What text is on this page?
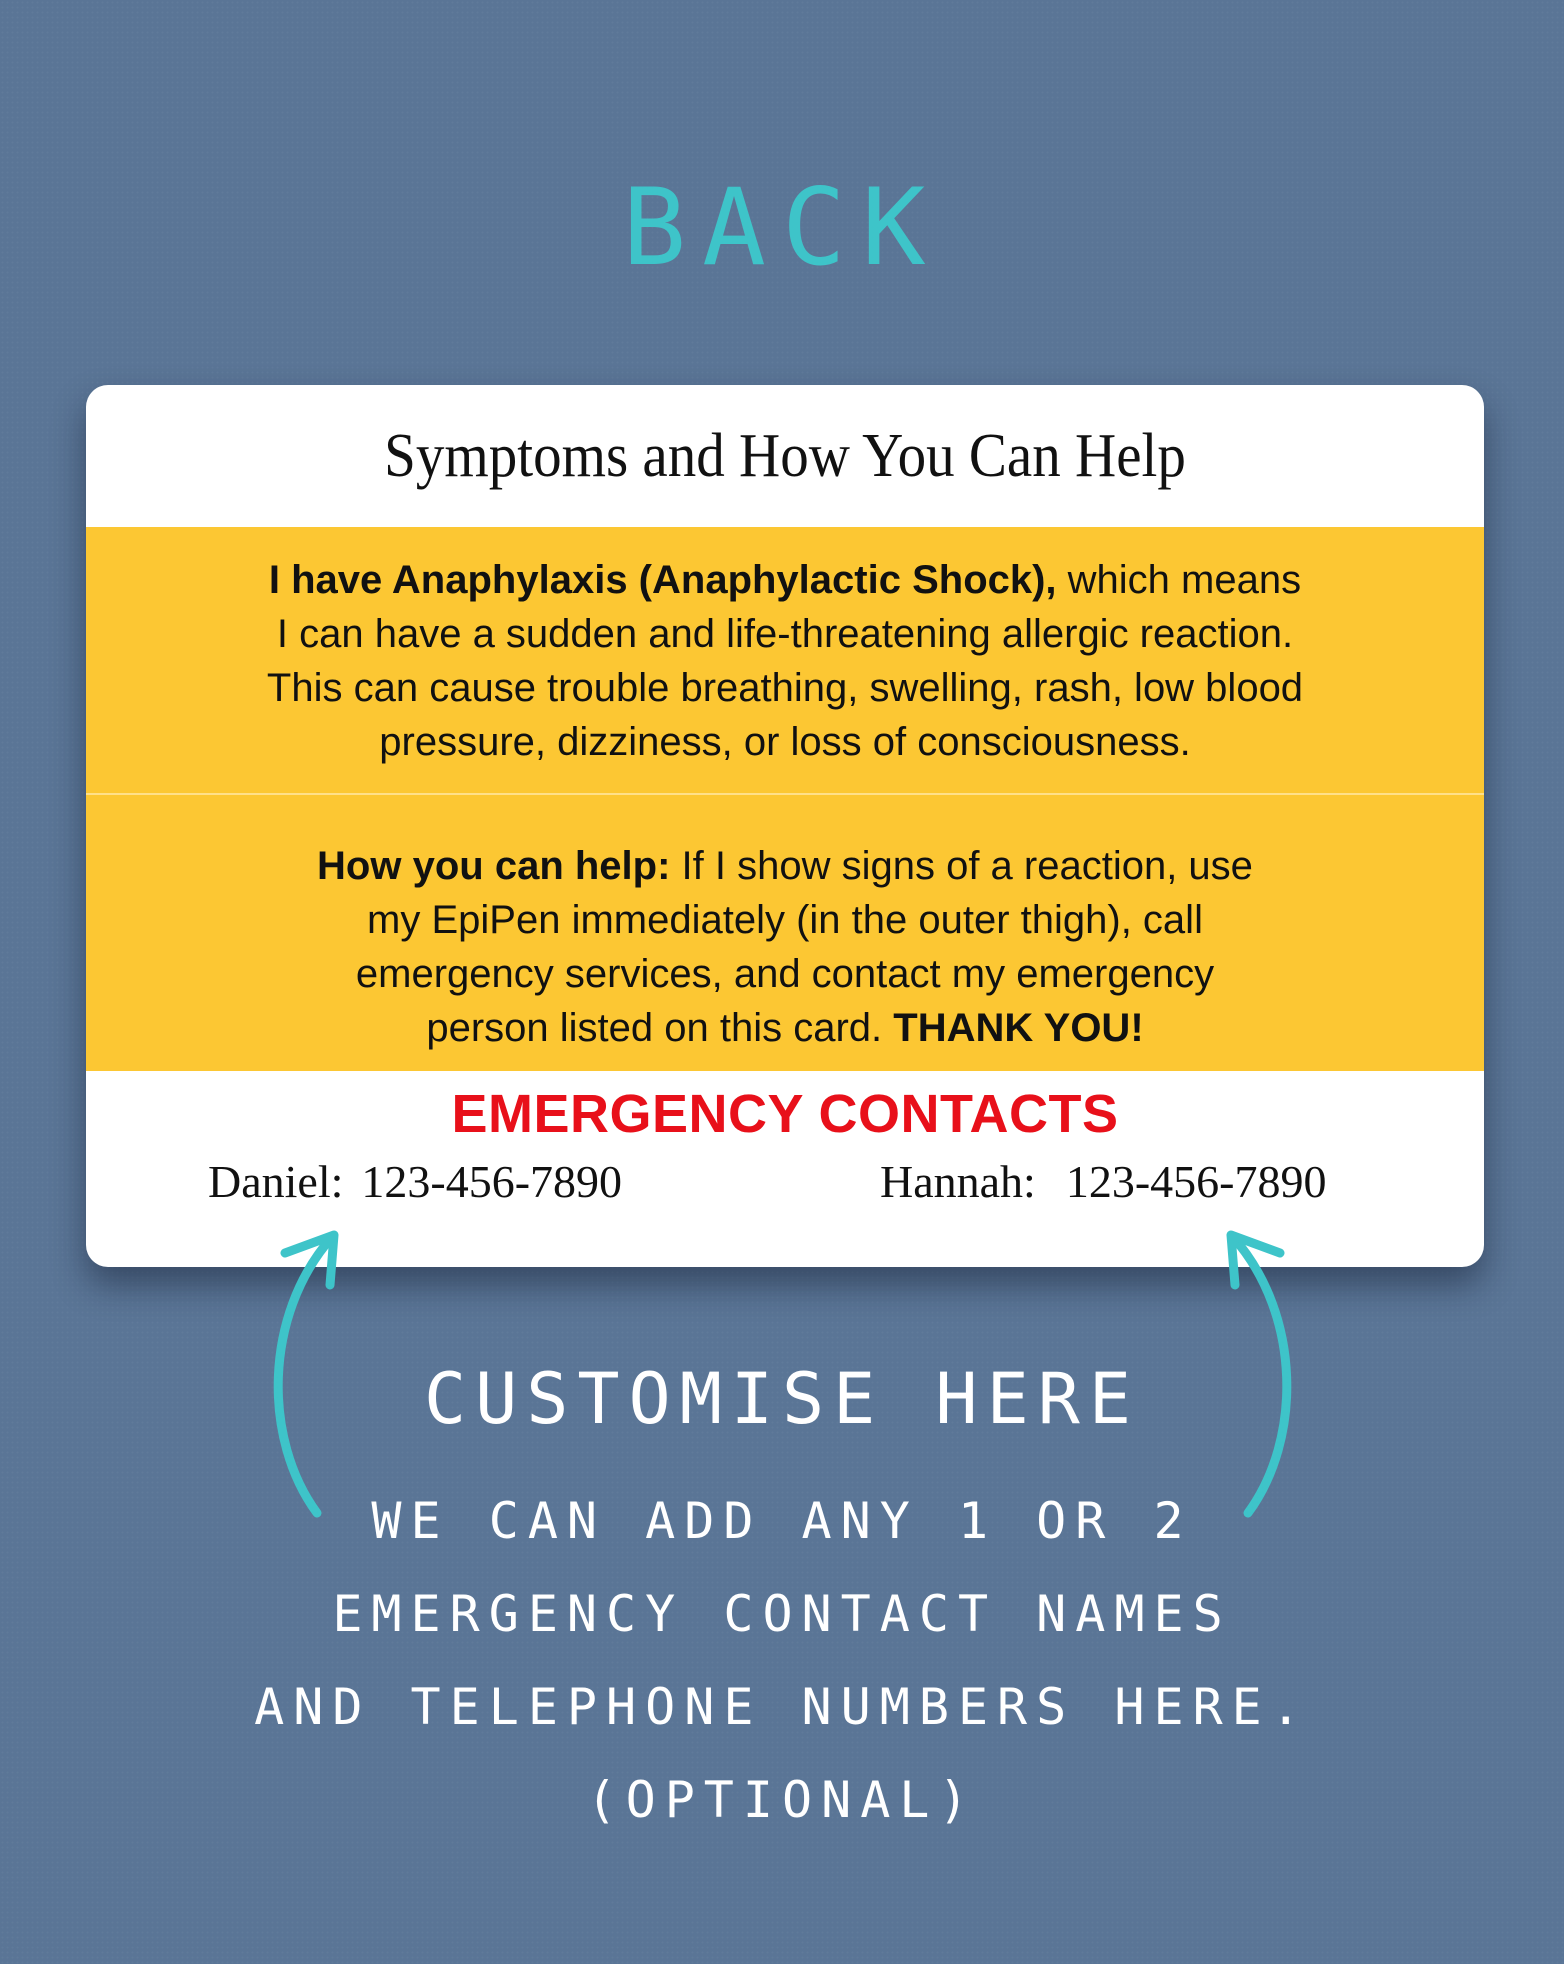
BACK
Symptoms and How You Can Help
I have Anaphylaxis (Anaphylactic Shock), which means
I can have a sudden and life-threatening allergic reaction.
This can cause trouble breathing, swelling, rash, low blood
pressure, dizziness, or loss of consciousness.
How you can help: If I show signs of a reaction, use
my EpiPen immediately (in the outer thigh), call
emergency services, and contact my emergency
person listed on this card. THANK YOU!
EMERGENCY CONTACTS
Daniel: 123-456-7890	Hannah: 123-456-7890
CUSTOMISE HERE
WE CAN ADD ANY 1 OR 2
EMERGENCY CONTACT NAMES
AND TELEPHONE NUMBERS HERE.
(OPTIONAL)
